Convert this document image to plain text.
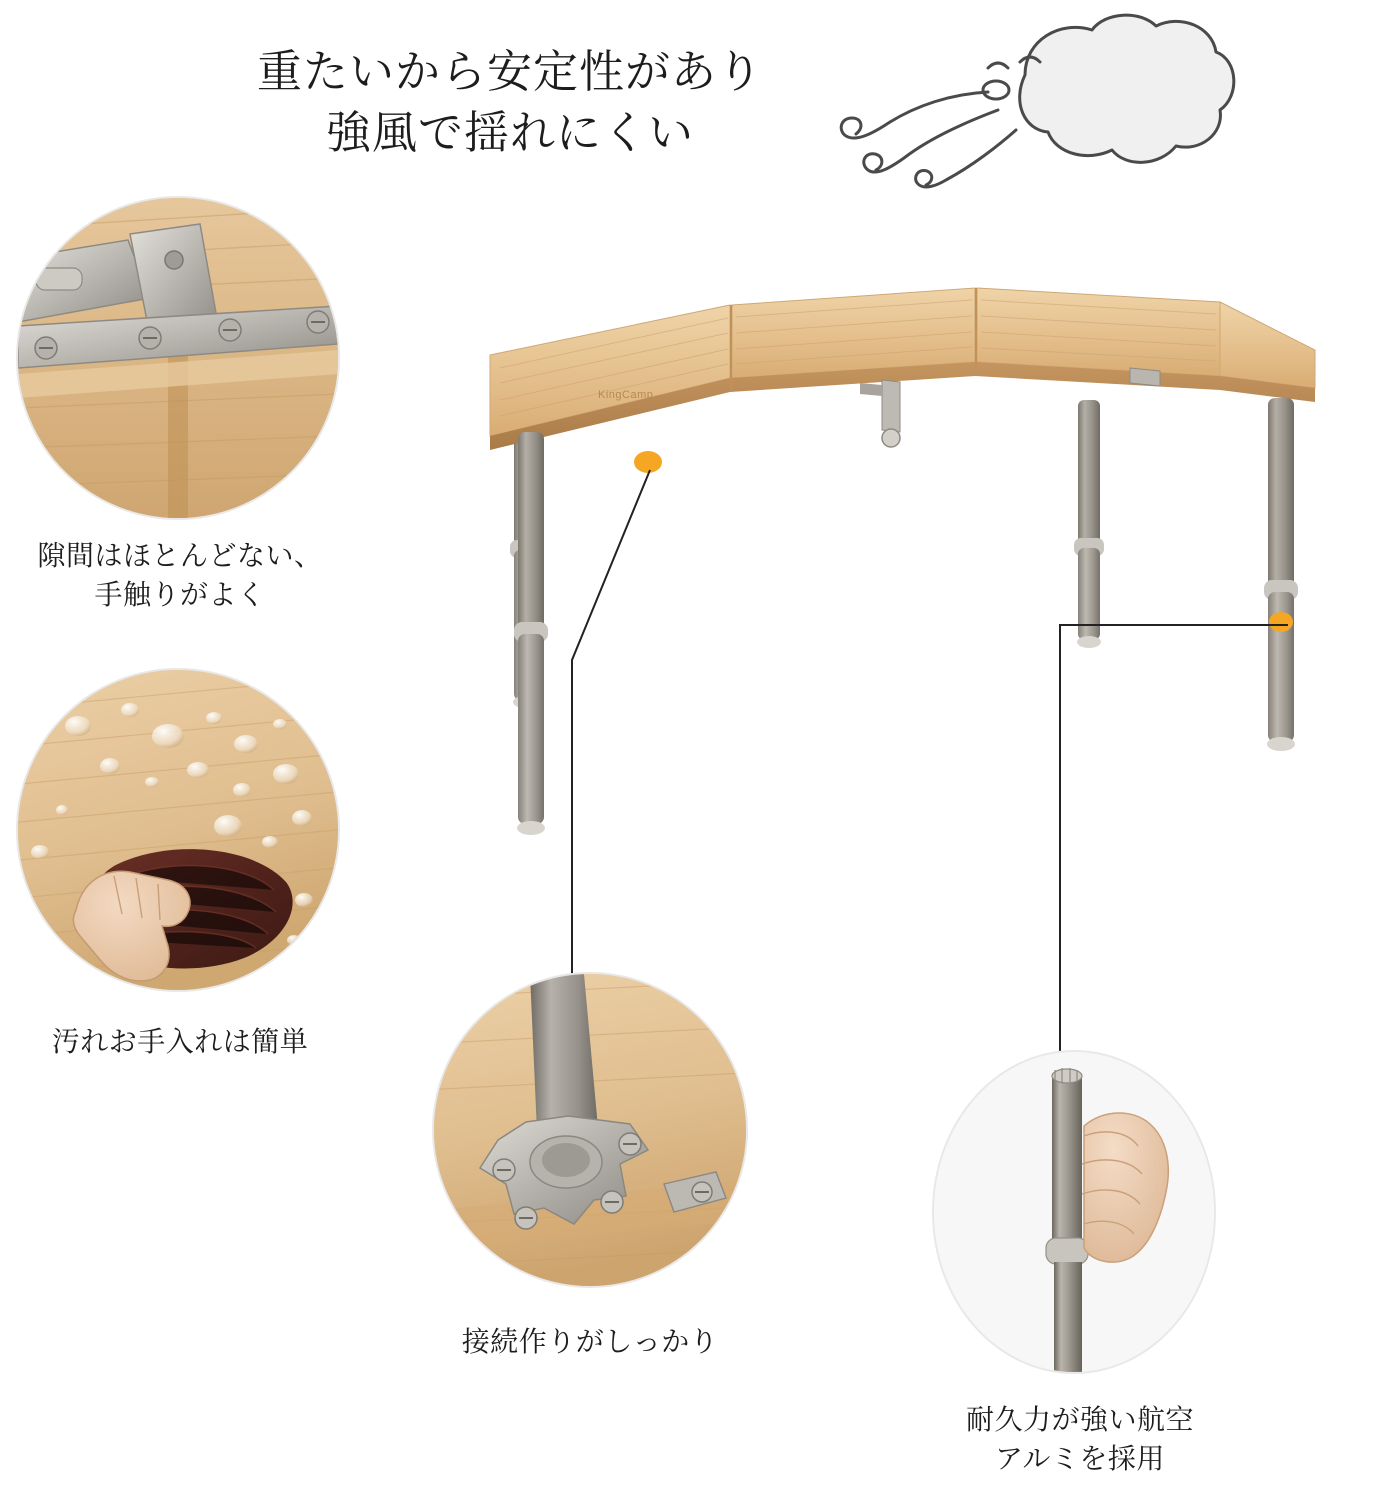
重たいから安定性があり
強風で揺れにくい
KingCamp
隙間はほとんどない、
手触りがよく
汚れお手入れは簡単
接続作りがしっかり
耐久力が強い航空
アルミを採用
